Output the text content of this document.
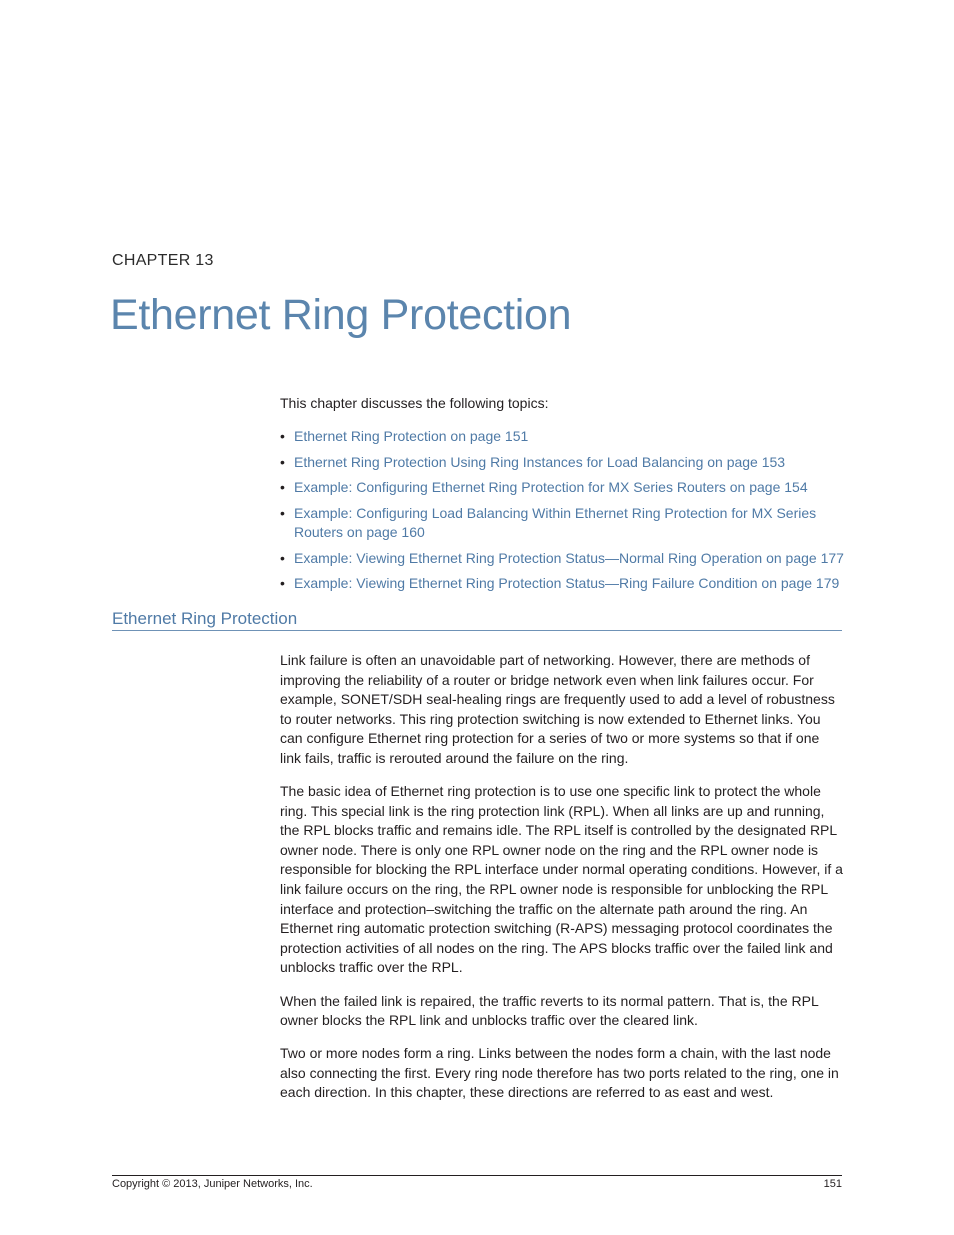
CHAPTER 13
Ethernet Ring Protection

This chapter discusses the following topics:

• Ethernet Ring Protection on page 151
• Ethernet Ring Protection Using Ring Instances for Load Balancing on page 153
• Example: Configuring Ethernet Ring Protection for MX Series Routers on page 154
• Example: Configuring Load Balancing Within Ethernet Ring Protection for MX Series Routers on page 160
• Example: Viewing Ethernet Ring Protection Status—Normal Ring Operation on page 177
• Example: Viewing Ethernet Ring Protection Status—Ring Failure Condition on page 179
Ethernet Ring Protection

Link failure is often an unavoidable part of networking. However, there are methods of improving the reliability of a router or bridge network even when link failures occur. For example, SONET/SDH seal-healing rings are frequently used to add a level of robustness to router networks. This ring protection switching is now extended to Ethernet links. You can configure Ethernet ring protection for a series of two or more systems so that if one link fails, traffic is rerouted around the failure on the ring.

The basic idea of Ethernet ring protection is to use one specific link to protect the whole ring. This special link is the ring protection link (RPL). When all links are up and running, the RPL blocks traffic and remains idle. The RPL itself is controlled by the designated RPL owner node. There is only one RPL owner node on the ring and the RPL owner node is responsible for blocking the RPL interface under normal operating conditions. However, if a link failure occurs on the ring, the RPL owner node is responsible for unblocking the RPL interface and protection–switching the traffic on the alternate path around the ring. An Ethernet ring automatic protection switching (R-APS) messaging protocol coordinates the protection activities of all nodes on the ring. The APS blocks traffic over the failed link and unblocks traffic over the RPL.

When the failed link is repaired, the traffic reverts to its normal pattern. That is, the RPL owner blocks the RPL link and unblocks traffic over the cleared link.

Two or more nodes form a ring. Links between the nodes form a chain, with the last node also connecting the first. Every ring node therefore has two ports related to the ring, one in each direction. In this chapter, these directions are referred to as east and west.

Copyright © 2013, Juniper Networks, Inc.	151
